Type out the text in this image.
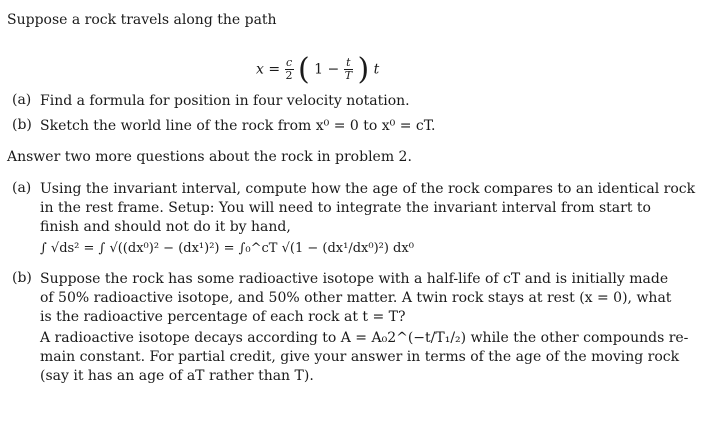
Suppose a rock travels along the path
$x = \frac{c}{2}$ ( $1 - \frac{t}{T}$ ) t
(a) Find a formula for position in four velocity notation.
(b) Sketch the world line of the rock from x⁰ = 0 to x⁰ = cT.
Answer two more questions about the rock in problem 2.
(a) Using the invariant interval, compute how the age of the rock compares to an identical rock
in the rest frame. Setup: You will need to integrate the invariant interval from start to
finish and should not do it by hand,
∫ √ds² = ∫ √((dx⁰)² − (dx¹)²) = ∫₀^cT √(1 − (dx¹/dx⁰)²) dx⁰
(b) Suppose the rock has some radioactive isotope with a half-life of cT and is initially made
of 50% radioactive isotope, and 50% other matter. A twin rock stays at rest (x = 0), what
is the radioactive percentage of each rock at t = T?
A radioactive isotope decays according to A = A₀2^(−t/T₁/₂) while the other compounds re-
main constant. For partial credit, give your answer in terms of the age of the moving rock
(say it has an age of aT rather than T).
